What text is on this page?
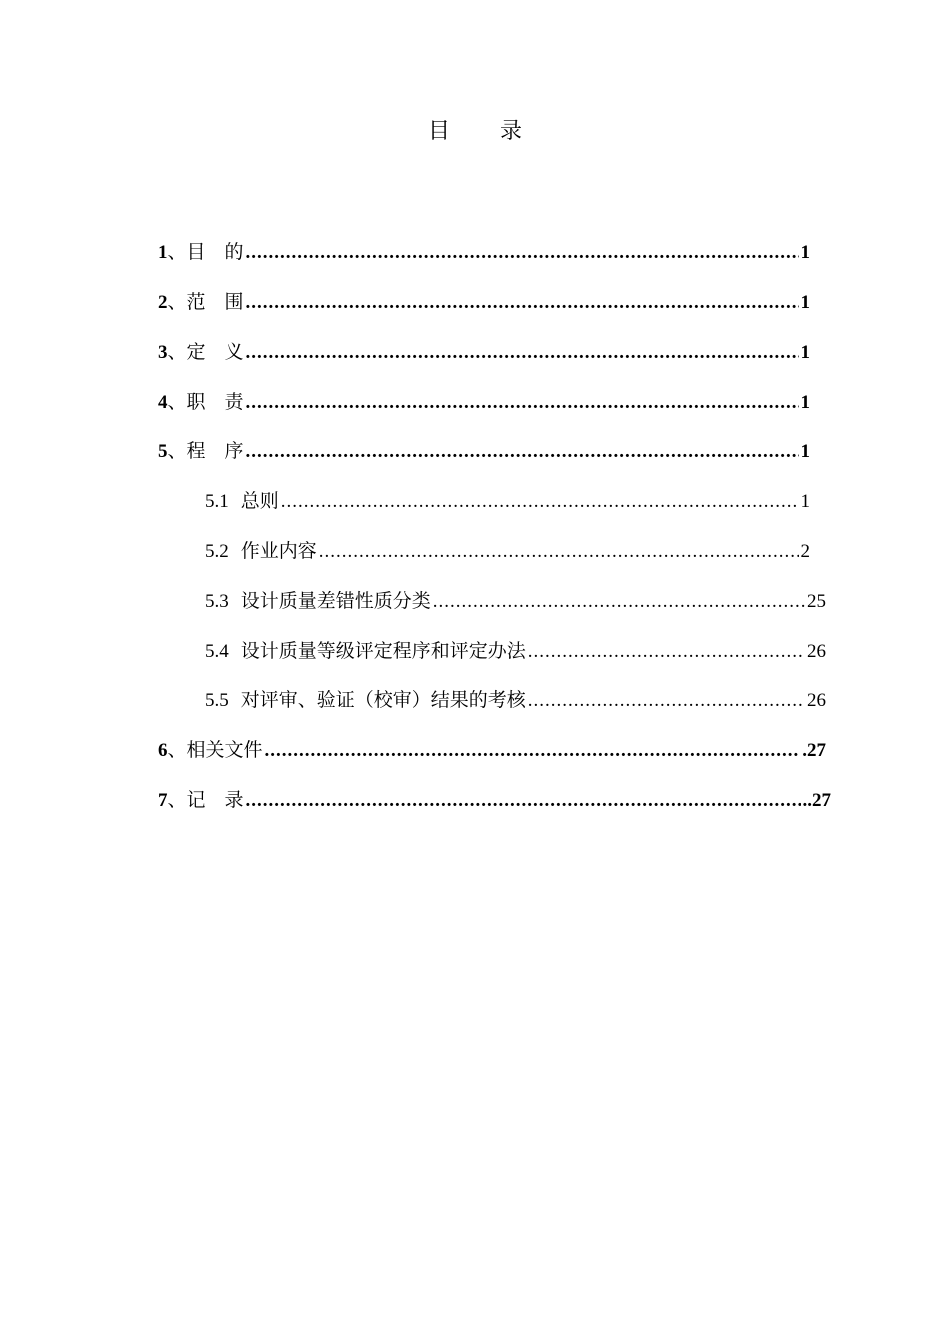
目 录
1 、 目　的 .....	1
2 、 范　围 .....	1
3 、 定　义 .....	1
4 、 职　责 .....	1
5 、 程　序 .....	1
5.1 总则 .....	1
5.2 作业内容 .....	2
5.3 设计质量差错性质分类 .....	25
5.4 设计质量等级评定程序和评定办法 .....	26
5.5 对评审、验证（校审）结果的考核 .....	26
6 、 相关文件 .....	.27
7 、 记　录 .....	..27
